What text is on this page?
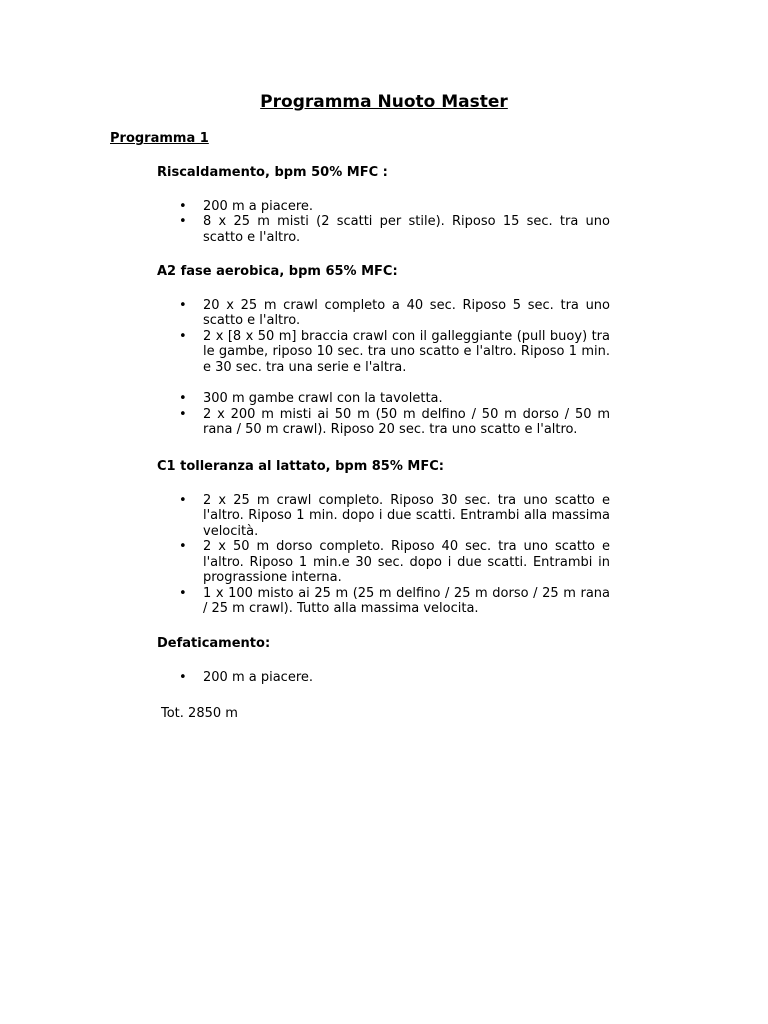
Programma Nuoto Master
Programma 1
Riscaldamento, bpm 50% MFC :
• 200 m a piacere.
• 8 x 25 m misti (2 scatti per stile). Riposo 15 sec. tra uno scatto e l'altro.
A2 fase aerobica, bpm 65% MFC:
• 20 x 25 m crawl completo a 40 sec. Riposo 5 sec. tra uno scatto e l'altro.
• 2 x [8 x 50 m] braccia crawl con il galleggiante (pull buoy) tra le gambe, riposo 10 sec. tra uno scatto e l'altro. Riposo 1 min. e 30 sec. tra una serie e l'altra.
• 300 m gambe crawl con la tavoletta.
• 2 x 200 m misti ai 50 m (50 m delfino / 50 m dorso / 50 m rana / 50 m crawl). Riposo 20 sec. tra uno scatto e l'altro.
C1 tolleranza al lattato, bpm 85% MFC:
• 2 x 25 m crawl completo. Riposo 30 sec. tra uno scatto e l'altro. Riposo 1 min. dopo i due scatti. Entrambi alla massima velocità.
• 2 x 50 m dorso completo. Riposo 40 sec. tra uno scatto e l'altro. Riposo 1 min.e 30 sec. dopo i due scatti. Entrambi in prograssione interna.
• 1 x 100 misto ai 25 m (25 m delfino / 25 m dorso / 25 m rana / 25 m crawl). Tutto alla massima velocita.
Defaticamento:
• 200 m a piacere.
Tot. 2850 m
